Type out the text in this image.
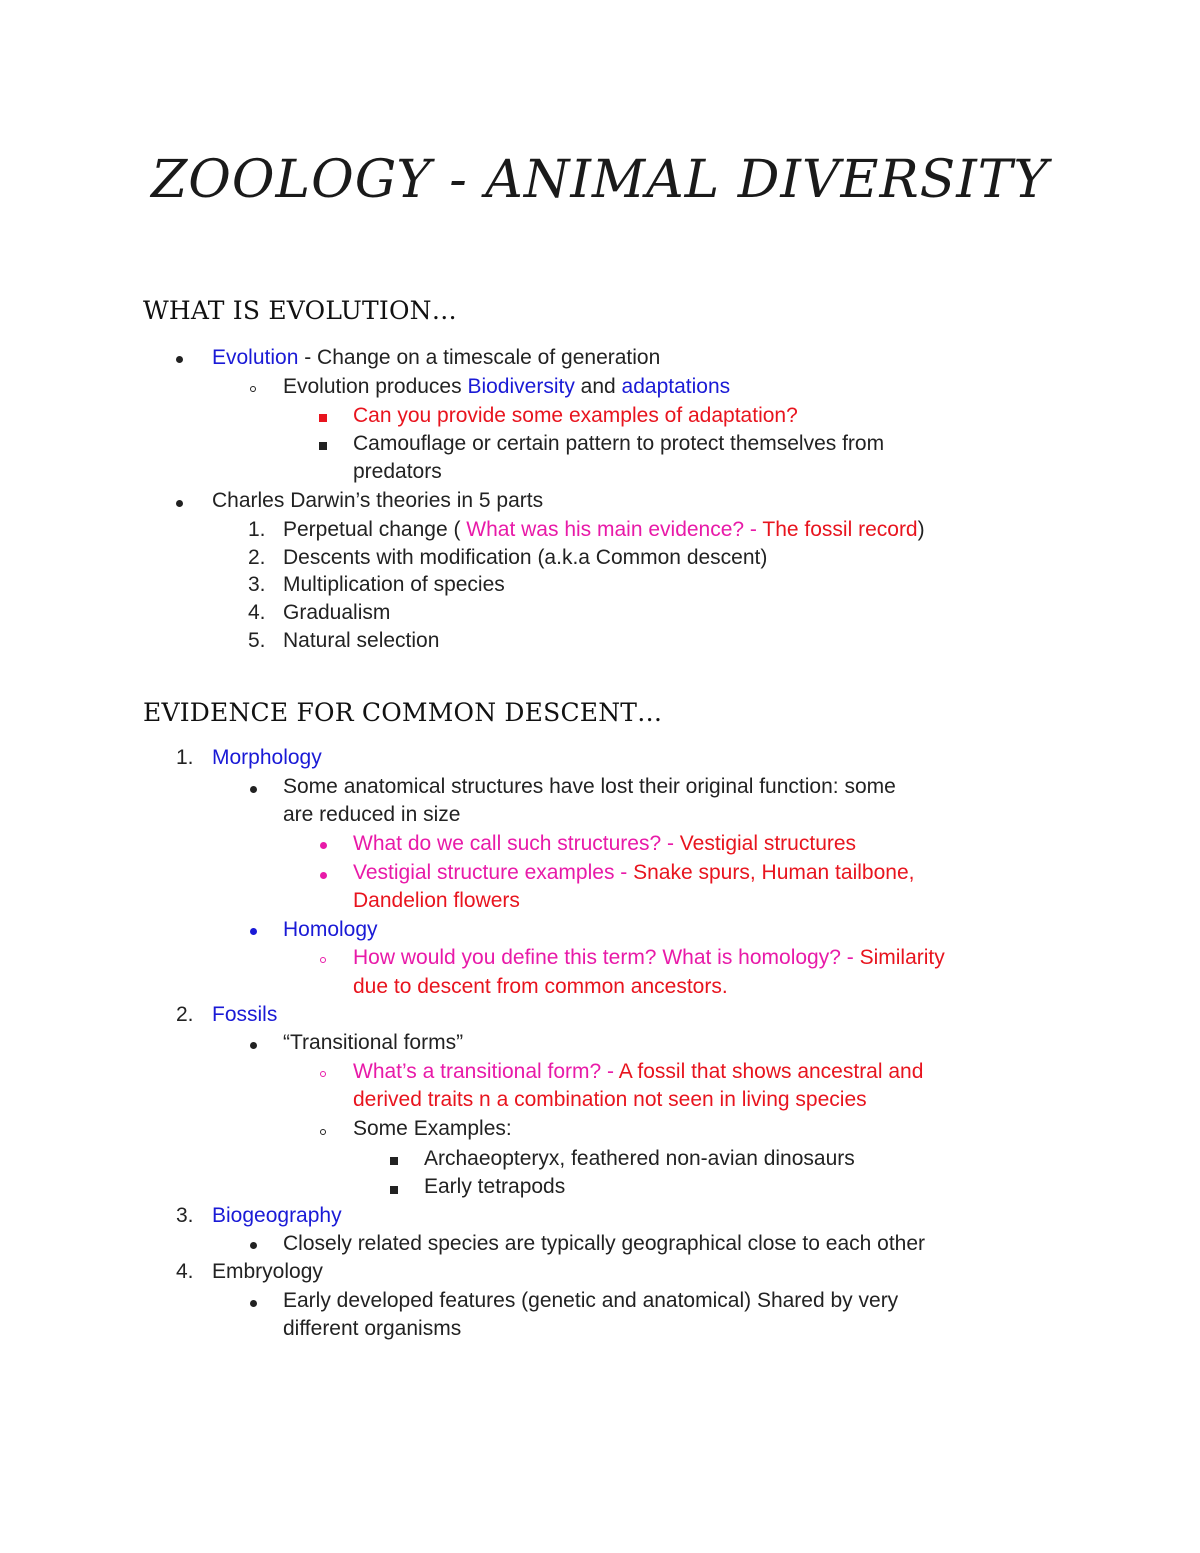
ZOOLOGY - ANIMAL DIVERSITY
WHAT IS EVOLUTION…
Evolution - Change on a timescale of generation
Evolution produces Biodiversity and adaptations
Can you provide some examples of adaptation?
Camouflage or certain pattern to protect themselves from
predators
Charles Darwin’s theories in 5 parts
1. Perpetual change ( What was his main evidence? - The fossil record)
2. Descents with modification (a.k.a Common descent)
3. Multiplication of species
4. Gradualism
5. Natural selection
EVIDENCE FOR COMMON DESCENT…
1. Morphology
Some anatomical structures have lost their original function: some
are reduced in size
What do we call such structures? - Vestigial structures
Vestigial structure examples - Snake spurs, Human tailbone,
Dandelion flowers
Homology
How would you define this term? What is homology? - Similarity
due to descent from common ancestors.
2. Fossils
“Transitional forms”
What’s a transitional form? - A fossil that shows ancestral and
derived traits n a combination not seen in living species
Some Examples:
Archaeopteryx, feathered non-avian dinosaurs
Early tetrapods
3. Biogeography
Closely related species are typically geographical close to each other
4. Embryology
Early developed features (genetic and anatomical) Shared by very
different organisms
